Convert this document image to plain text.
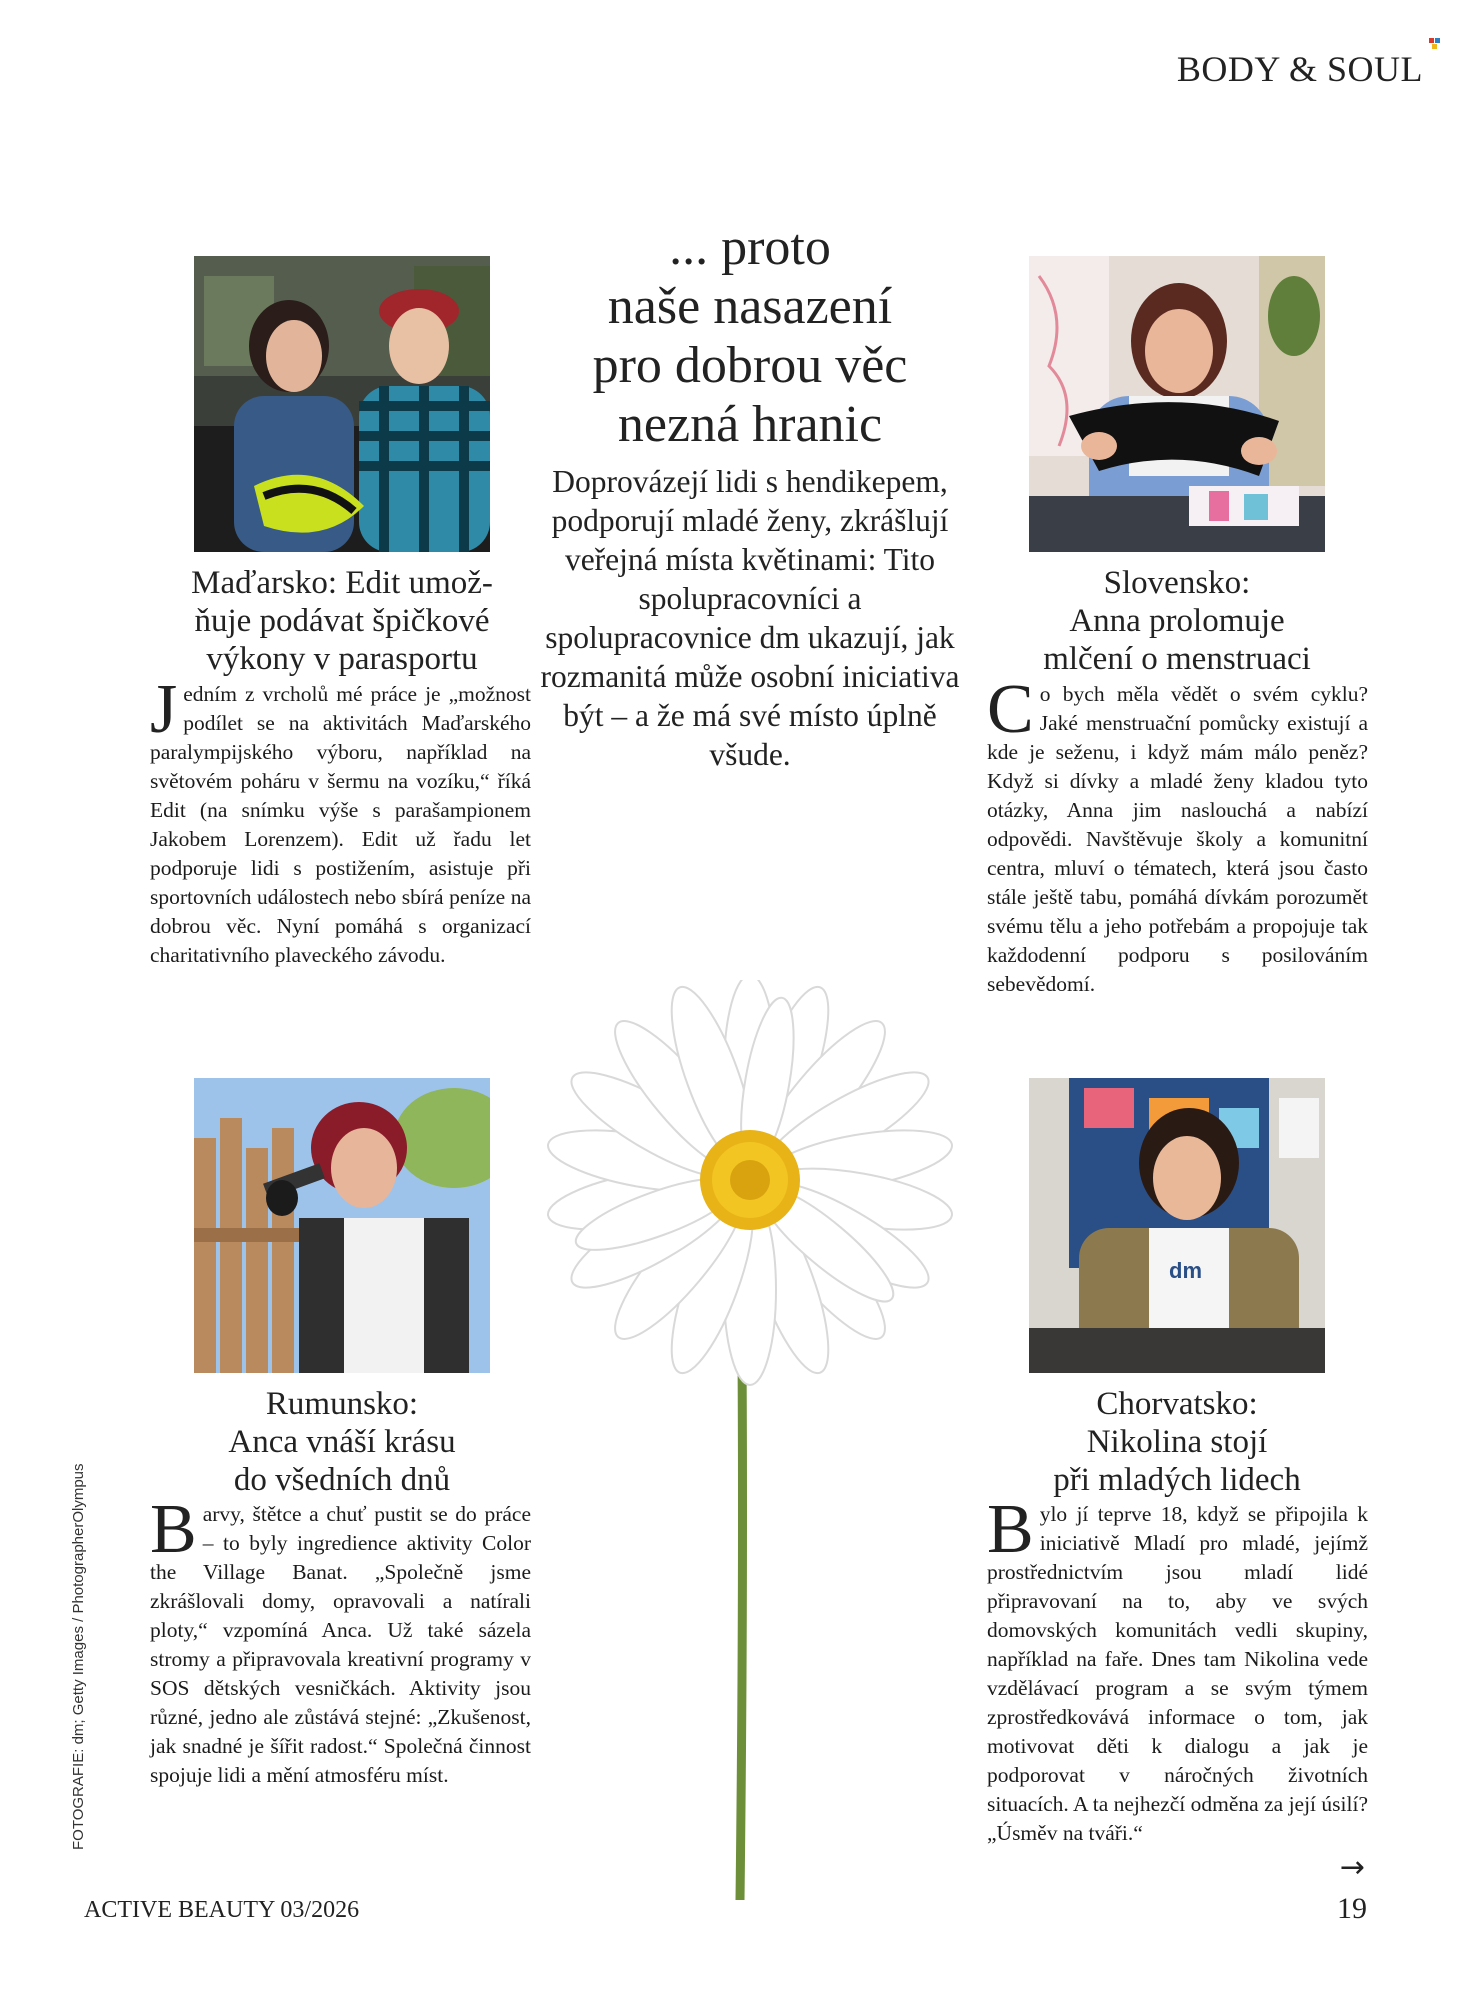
BODY & SOUL
Maďarsko: Edit umož-
ňuje podávat špičkové
výkony v parasportu

Jedním z vrcholů mé práce je „možnost podílet se na aktivitách Maďarského paralympijského výboru, například na světovém poháru v šermu na vozíku,“ říká Edit (na snímku výše s parašampionem Jakobem Lorenzem). Edit už řadu let podporuje lidi s postižením, asistuje při sportovních událostech nebo sbírá peníze na dobrou věc. Nyní pomáhá s organizací charitativního plaveckého závodu.

... proto
naše nasazení
pro dobrou věc
nezná hranic

Doprovázejí lidi s hendikepem, podporují mladé ženy, zkrášlují veřejná místa květinami: Tito spolupracovníci a spolupracovnice dm ukazují, jak rozmanitá může osobní iniciativa být – a že má své místo úplně všude.

Slovensko:
Anna prolomuje
mlčení o menstruaci

Co bych měla vědět o svém cyklu? Jaké menstruační pomůcky existují a kde je seženu, i když mám málo peněz? Když si dívky a mladé ženy kladou tyto otázky, Anna jim naslouchá a nabízí odpovědi. Navštěvuje školy a komunitní centra, mluví o tématech, která jsou často stále ještě tabu, pomáhá dívkám porozumět svému tělu a jeho potřebám a propojuje tak každodenní podporu s posilováním sebevědomí.

Rumunsko:
Anca vnáší krásu
do všedních dnů

Barvy, štětce a chuť pustit se do práce – to byly ingredience aktivity Color the Village Banat. „Společně jsme zkrášlovali domy, opravovali a natírali ploty,“ vzpomíná Anca. Už také sázela stromy a připravovala kreativní programy v SOS dětských vesničkách. Aktivity jsou různé, jedno ale zůstává stejné: „Zkušenost, jak snadné je šířit radost.“ Společná činnost spojuje lidi a mění atmosféru míst.

dm
Chorvatsko:
Nikolina stojí
při mladých lidech

Bylo jí teprve 18, když se připojila k iniciativě Mladí pro mladé, jejímž prostřednictvím jsou mladí lidé připravovaní na to, aby ve svých domovských komunitách vedli skupiny, například na faře. Dnes tam Nikolina vede vzdělávací program a se svým týmem zprostředkovává informace o tom, jak motivovat děti k dialogu a jak je podporovat v náročných životních situacích. A ta nejhezčí odměna za její úsilí? „Úsměv na tváři.“

FOTOGRAFIE: dm; Getty Images / PhotographerOlympus
→
ACTIVE BEAUTY 03/2026	19
